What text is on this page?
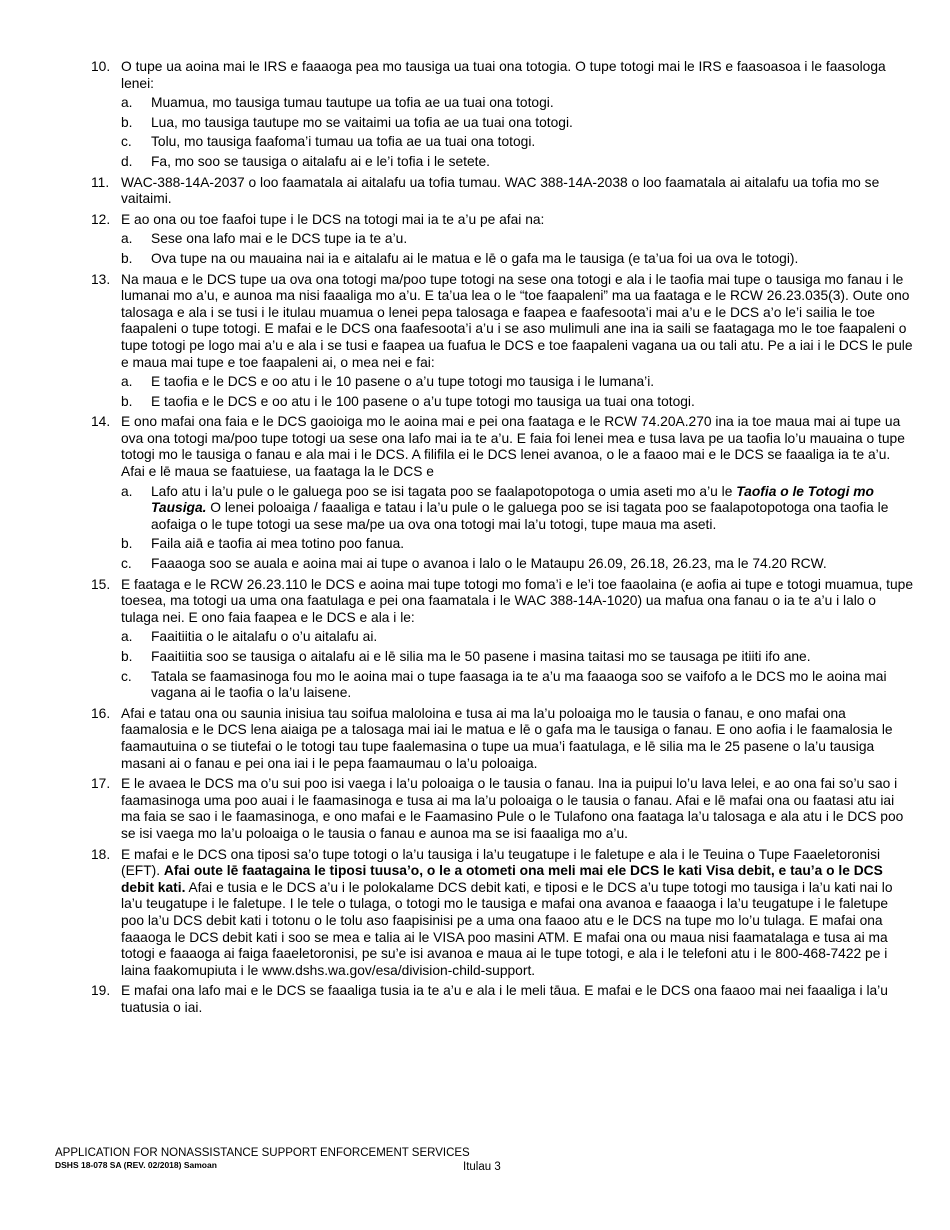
10. O tupe ua aoina mai le IRS e faaaoga pea mo tausiga ua tuai ona totogia. O tupe totogi mai le IRS e faasoasoa i le faasologa lenei:

a. Muamua, mo tausiga tumau tautupe ua tofia ae ua tuai ona totogi.
b. Lua, mo tausiga tautupe mo se vaitaimi ua tofia ae ua tuai ona totogi.
c. Tolu, mo tausiga faafoma’i tumau ua tofia ae ua tuai ona totogi.
d. Fa, mo soo se tausiga o aitalafu ai e le’i tofia i le setete.
11. WAC-388-14A-2037 o loo faamatala ai aitalafu ua tofia tumau. WAC 388-14A-2038 o loo faamatala ai aitalafu ua tofia mo se vaitaimi.

12. E ao ona ou toe faafoi tupe i le DCS na totogi mai ia te a’u pe afai na:

a. Sese ona lafo mai e le DCS tupe ia te a’u.
b. Ova tupe na ou mauaina nai ia e aitalafu ai le matua e lē o gafa ma le tausiga (e ta’ua foi ua ova le totogi).
13. Na maua e le DCS tupe ua ova ona totogi ma/poo tupe totogi na sese ona totogi e ala i le taofia mai tupe o tausiga mo fanau i le lumanai mo a’u, e aunoa ma nisi faaaliga mo a’u. E ta’ua lea o le “toe faapaleni” ma ua faataga e le RCW 26.23.035(3). Oute ono talosaga e ala i se tusi i le itulau muamua o lenei pepa talosaga e faapea e faafesoota’i mai a’u e le DCS a’o le’i sailia le toe faapaleni o tupe totogi. E mafai e le DCS ona faafesoota’i a’u i se aso mulimuli ane ina ia saili se faatagaga mo le toe faapaleni o tupe totogi pe logo mai a’u e ala i se tusi e faapea ua fuafua le DCS e toe faapaleni vagana ua ou tali atu. Pe a iai i le DCS le pule e maua mai tupe e toe faapaleni ai, o mea nei e fai:

a. E taofia e le DCS e oo atu i le 10 pasene o a’u tupe totogi mo tausiga i le lumana’i.
b. E taofia e le DCS e oo atu i le 100 pasene o a’u tupe totogi mo tausiga ua tuai ona totogi.
14. E ono mafai ona faia e le DCS gaoioiga mo le aoina mai e pei ona faataga e le RCW 74.20A.270 ina ia toe maua mai ai tupe ua ova ona totogi ma/poo tupe totogi ua sese ona lafo mai ia te a’u. E faia foi lenei mea e tusa lava pe ua taofia lo’u mauaina o tupe totogi mo le tausiga o fanau e ala mai i le DCS. A filifila ei le DCS lenei avanoa, o le a faaoo mai e le DCS se faaaliga ia te a’u. Afai e lē maua se faatuiese, ua faataga la le DCS e

a. Lafo atu i la’u pule o le galuega poo se isi tagata poo se faalapotopotoga o umia aseti mo a’u le Taofia o le Totogi mo Tausiga. O lenei poloaiga / faaaliga e tatau i la’u pule o le galuega poo se isi tagata poo se faalapotopotoga ona taofia le aofaiga o le tupe totogi ua sese ma/pe ua ova ona totogi mai la’u totogi, tupe maua ma aseti.
b. Faila aiā e taofia ai mea totino poo fanua.
c. Faaaoga soo se auala e aoina mai ai tupe o avanoa i lalo o le Mataupu 26.09, 26.18, 26.23, ma le 74.20 RCW.
15. E faataga e le RCW 26.23.110 le DCS e aoina mai tupe totogi mo foma’i e le’i toe faaolaina (e aofia ai tupe e totogi muamua, tupe toesea, ma totogi ua uma ona faatulaga e pei ona faamatala i le WAC 388-14A-1020) ua mafua ona fanau o ia te a’u i lalo o tulaga nei. E ono faia faapea e le DCS e ala i le:

a. Faaitiitia o le aitalafu o o’u aitalafu ai.
b. Faaitiitia soo se tausiga o aitalafu ai e lē silia ma le 50 pasene i masina taitasi mo se tausaga pe itiiti ifo ane.
c. Tatala se faamasinoga fou mo le aoina mai o tupe faasaga ia te a’u ma faaaoga soo se vaifofo a le DCS mo le aoina mai vagana ai le taofia o la’u laisene.
16. Afai e tatau ona ou saunia inisiua tau soifua maloloina e tusa ai ma la’u poloaiga mo le tausia o fanau, e ono mafai ona faamalosia e le DCS lena aiaiga pe a talosaga mai iai le matua e lē o gafa ma le tausiga o fanau. E ono aofia i le faamalosia le faamautuina o se tiutefai o le totogi tau tupe faalemasina o tupe ua mua’i faatulaga, e lē silia ma le 25 pasene o la’u tausiga masani ai o fanau e pei ona iai i le pepa faamaumau o la’u poloaiga.

17. E le avaea le DCS ma o’u sui poo isi vaega i la’u poloaiga o le tausia o fanau. Ina ia puipui lo’u lava lelei, e ao ona fai so’u sao i faamasinoga uma poo auai i le faamasinoga e tusa ai ma la’u poloaiga o le tausia o fanau. Afai e lē mafai ona ou faatasi atu iai ma faia se sao i le faamasinoga, e ono mafai e le Faamasino Pule o le Tulafono ona faataga la’u talosaga e ala atu i le DCS poo se isi vaega mo la’u poloaiga o le tausia o fanau e aunoa ma se isi faaaliga mo a’u.

18. E mafai e le DCS ona tiposi sa’o tupe totogi o la’u tausiga i la’u teugatupe i le faletupe e ala i le Teuina o Tupe Faaeletoronisi (EFT). Afai oute lē faatagaina le tiposi tuusa’o, o le a otometi ona meli mai ele DCS le kati Visa debit, e tau’a o le DCS debit kati. Afai e tusia e le DCS a’u i le polokalame DCS debit kati, e tiposi e le DCS a’u tupe totogi mo tausiga i la’u kati nai lo la’u teugatupe i le faletupe. I le tele o tulaga, o totogi mo le tausiga e mafai ona avanoa e faaaoga i la’u teugatupe i le faletupe poo la’u DCS debit kati i totonu o le tolu aso faapisinisi pe a uma ona faaoo atu e le DCS na tupe mo lo’u tulaga. E mafai ona faaaoga le DCS debit kati i soo se mea e talia ai le VISA poo masini ATM. E mafai ona ou maua nisi faamatalaga e tusa ai ma totogi e faaaoga ai faiga faaeletoronisi, pe su’e isi avanoa e maua ai le tupe totogi, e ala i le telefoni atu i le 800-468-7422 pe i laina faakomupiuta i le www.dshs.wa.gov/esa/division-child-support.

19. E mafai ona lafo mai e le DCS se faaaliga tusia ia te a’u e ala i le meli tāua. E mafai e le DCS ona faaoo mai nei faaaliga i la’u tuatusia o iai.

APPLICATION FOR NONASSISTANCE SUPPORT ENFORCEMENT SERVICES
DSHS 18-078 SA (REV. 02/2018) Samoan	Itulau 3
